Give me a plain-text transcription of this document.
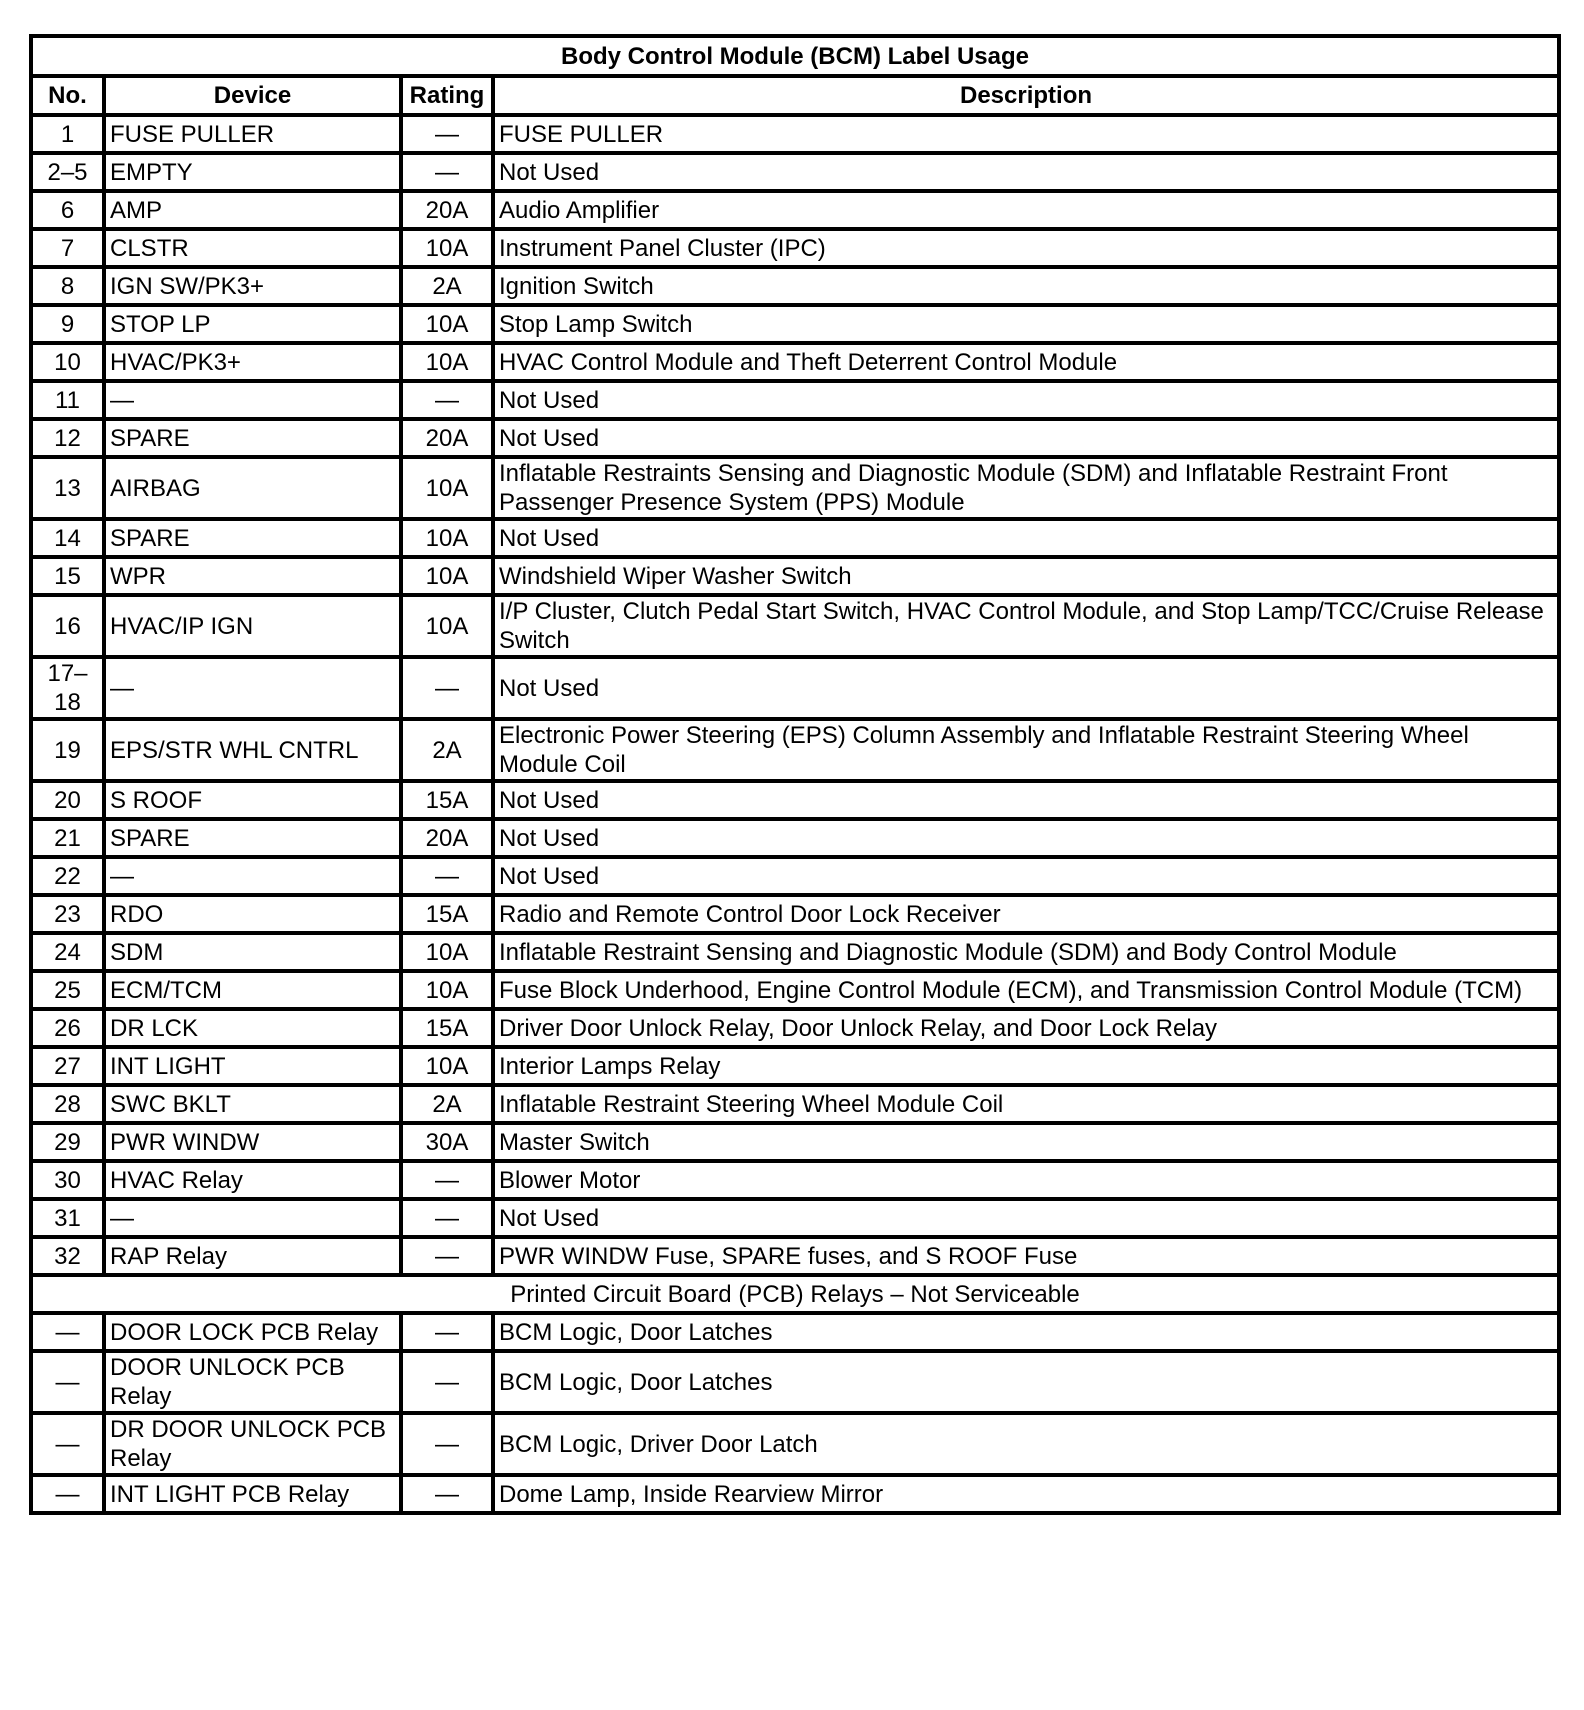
Body Control Module (BCM) Label Usage			
No.	Device	Rating	Description
1	FUSE PULLER	—	FUSE PULLER
2–5	EMPTY	—	Not Used
6	AMP	20A	Audio Amplifier
7	CLSTR	10A	Instrument Panel Cluster (IPC)
8	IGN SW/PK3+	2A	Ignition Switch
9	STOP LP	10A	Stop Lamp Switch
10	HVAC/PK3+	10A	HVAC Control Module and Theft Deterrent Control Module
11	—	—	Not Used
12	SPARE	20A	Not Used
13	AIRBAG	10A	Inflatable Restraints Sensing and Diagnostic Module (SDM) and Inflatable Restraint Front Passenger Presence System (PPS) Module
14	SPARE	10A	Not Used
15	WPR	10A	Windshield Wiper Washer Switch
16	HVAC/IP IGN	10A	I/P Cluster, Clutch Pedal Start Switch, HVAC Control Module, and Stop Lamp/TCC/Cruise Release Switch
17–18	—	—	Not Used
19	EPS/STR WHL CNTRL	2A	Electronic Power Steering (EPS) Column Assembly and Inflatable Restraint Steering Wheel Module Coil
20	S ROOF	15A	Not Used
21	SPARE	20A	Not Used
22	—	—	Not Used
23	RDO	15A	Radio and Remote Control Door Lock Receiver
24	SDM	10A	Inflatable Restraint Sensing and Diagnostic Module (SDM) and Body Control Module
25	ECM/TCM	10A	Fuse Block Underhood, Engine Control Module (ECM), and Transmission Control Module (TCM)
26	DR LCK	15A	Driver Door Unlock Relay, Door Unlock Relay, and Door Lock Relay
27	INT LIGHT	10A	Interior Lamps Relay
28	SWC BKLT	2A	Inflatable Restraint Steering Wheel Module Coil
29	PWR WINDW	30A	Master Switch
30	HVAC Relay	—	Blower Motor
31	—	—	Not Used
32	RAP Relay	—	PWR WINDW Fuse, SPARE fuses, and S ROOF Fuse
Printed Circuit Board (PCB) Relays – Not Serviceable			
—	DOOR LOCK PCB Relay	—	BCM Logic, Door Latches
—	DOOR UNLOCK PCB Relay	—	BCM Logic, Door Latches
—	DR DOOR UNLOCK PCB Relay	—	BCM Logic, Driver Door Latch
—	INT LIGHT PCB Relay	—	Dome Lamp, Inside Rearview Mirror
